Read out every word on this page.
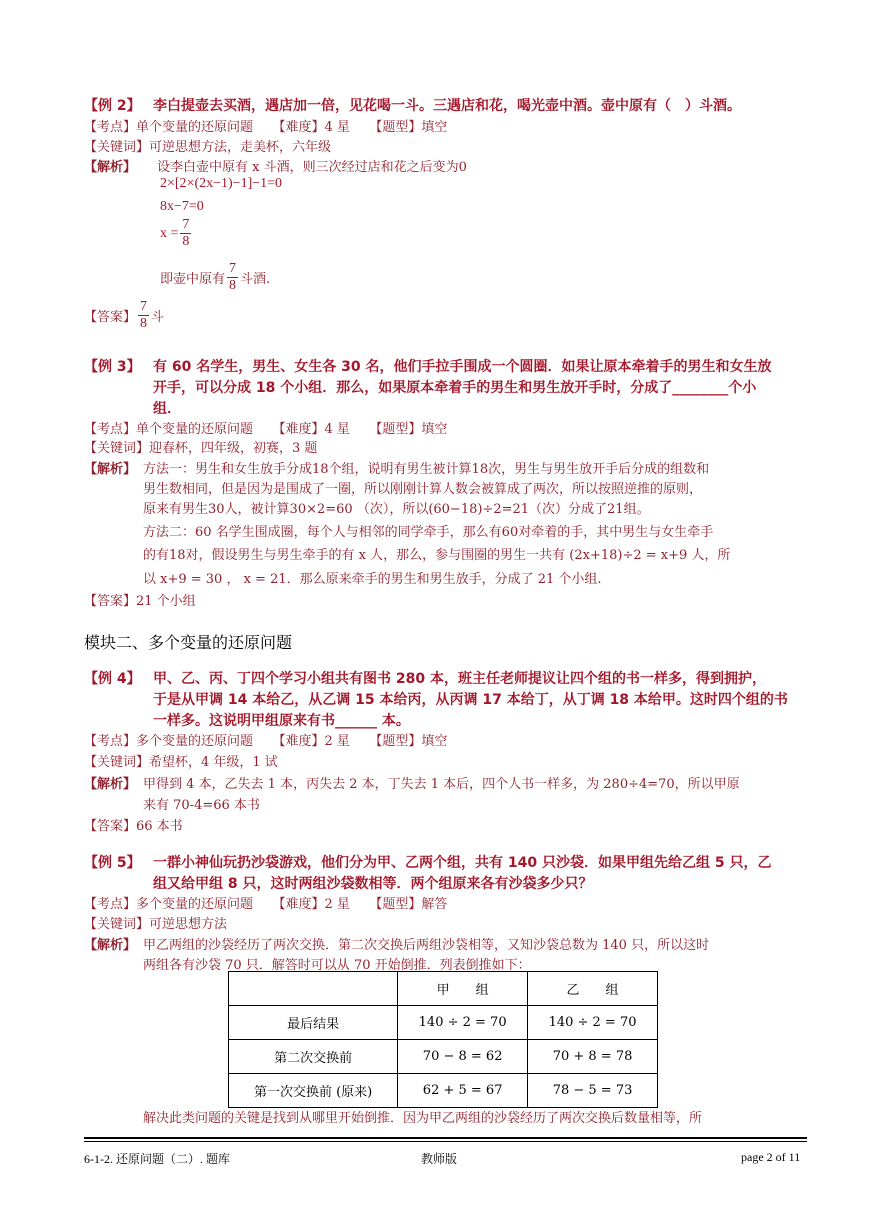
【例 2】 李白提壶去买酒，遇店加一倍，见花喝一斗。三遇店和花，喝光壶中酒。壶中原有（　）斗酒。
【考点】单个变量的还原问题　　【难度】4 星　　【题型】填空
【关键词】可逆思想方法，走美杯，六年级
【解析】 设李白壶中原有 x 斗酒，则三次经过店和花之后变为0
2×[2×(2x−1)−1]−1=0
8x−7=0
$x = \frac{7}{8}$
即壶中原有 $\frac{7}{8}$ 斗酒.
【答案】 $\frac{7}{8}$ 斗
【例 3】 有 60 名学生，男生、女生各 30 名，他们手拉手围成一个圆圈．如果让原本牵着手的男生和女生放
开手，可以分成 18 个小组．那么，如果原本牵着手的男生和男生放开手时，分成了________个小
组．
【考点】单个变量的还原问题　　【难度】4 星　　【题型】填空
【关键词】迎春杯，四年级，初赛，3 题
【解析】 方法一：男生和女生放手分成18个组，说明有男生被计算18次，男生与男生放开手后分成的组数和
男生数相同，但是因为是围成了一圈，所以刚刚计算人数会被算成了两次，所以按照逆推的原则，
原来有男生30人，被计算30×2=60 （次），所以(60−18)÷2=21（次）分成了21组。
方法二：60 名学生围成圈，每个人与相邻的同学牵手，那么有60对牵着的手，其中男生与女生牵手
的有18对，假设男生与男生牵手的有 x 人，那么，参与围圈的男生一共有 (2x+18)÷2 = x+9 人，所
以 x+9 = 30 ， x = 21．那么原来牵手的男生和男生放手，分成了 21 个小组.
【答案】21 个小组
模块二、多个变量的还原问题
【例 4】 甲、乙、丙、丁四个学习小组共有图书 280 本，班主任老师提议让四个组的书一样多，得到拥护，
于是从甲调 14 本给乙，从乙调 15 本给丙，从丙调 17 本给丁，从丁调 18 本给甲。这时四个组的书
一样多。这说明甲组原来有书______ 本。
【考点】多个变量的还原问题　　【难度】2 星　　【题型】填空
【关键词】希望杯，4 年级，1 试
【解析】 甲得到 4 本，乙失去 1 本，丙失去 2 本，丁失去 1 本后，四个人书一样多，为 280÷4=70，所以甲原
来有 70-4=66 本书
【答案】66 本书
【例 5】 一群小神仙玩扔沙袋游戏，他们分为甲、乙两个组，共有 140 只沙袋．如果甲组先给乙组 5 只，乙
组又给甲组 8 只，这时两组沙袋数相等．两个组原来各有沙袋多少只？
【考点】多个变量的还原问题　　【难度】2 星　　【题型】解答
【关键词】可逆思想方法
【解析】 甲乙两组的沙袋经历了两次交换．第二次交换后两组沙袋相等，又知沙袋总数为 140 只，所以这时
两组各有沙袋 70 只．解答时可以从 70 开始倒推．列表倒推如下：
	甲　　组	乙　　组
最后结果	140 ÷ 2 = 70	140 ÷ 2 = 70
第二次交换前	70 − 8 = 62	70 + 8 = 78
第一次交换前 (原来)	62 + 5 = 67	78 − 5 = 73
解决此类问题的关键是找到从哪里开始倒推．因为甲乙两组的沙袋经历了两次交换后数量相等，所
6-1-2. 还原问题（二）. 题库	教师版	page 2 of 11
